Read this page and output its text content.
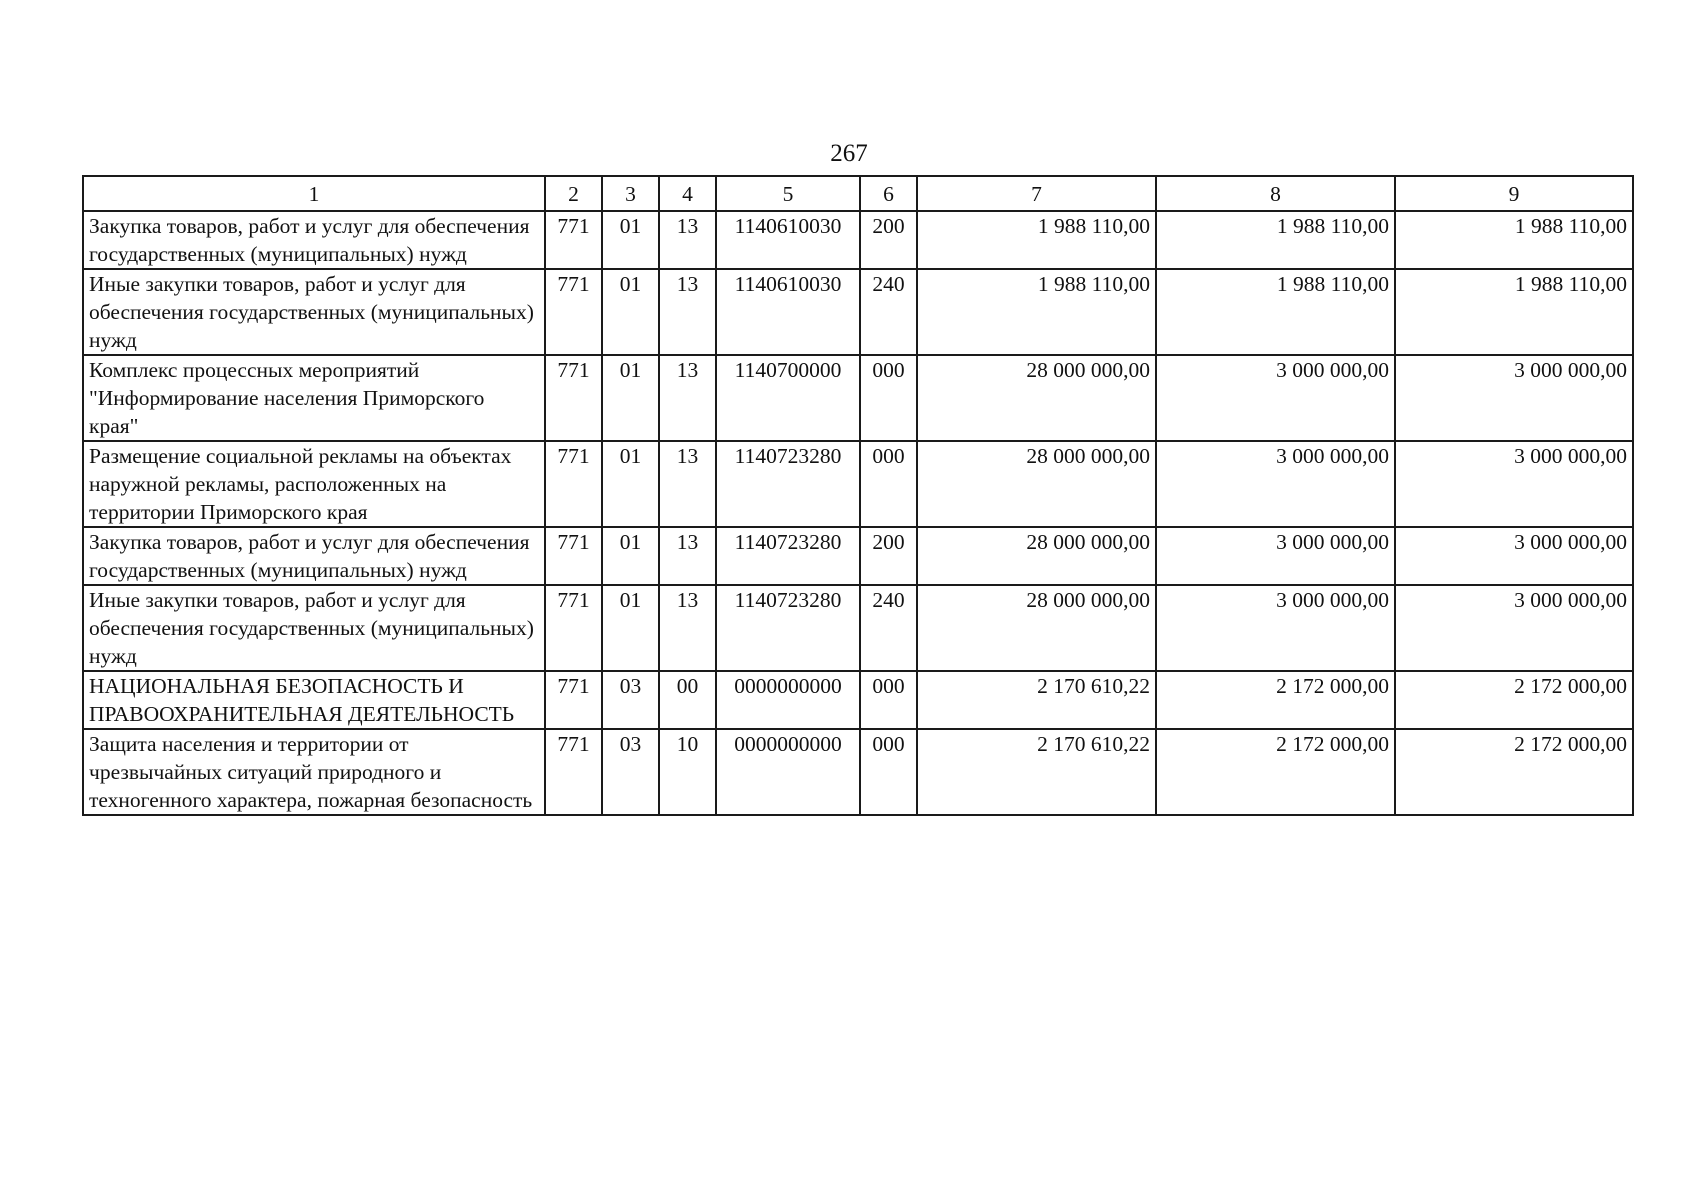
267
1	2	3	4	5	6	7	8	9
Закупка товаров, работ и услуг для обеспечения государственных (муниципальных) нужд	771	01	13	1140610030	200	1 988 110,00	1 988 110,00	1 988 110,00
Иные закупки товаров, работ и услуг для обеспечения государственных (муниципальных) нужд	771	01	13	1140610030	240	1 988 110,00	1 988 110,00	1 988 110,00
Комплекс процессных мероприятий "Информирование населения Приморского края"	771	01	13	1140700000	000	28 000 000,00	3 000 000,00	3 000 000,00
Размещение социальной рекламы на объектах наружной рекламы, расположенных на территории Приморского края	771	01	13	1140723280	000	28 000 000,00	3 000 000,00	3 000 000,00
Закупка товаров, работ и услуг для обеспечения государственных (муниципальных) нужд	771	01	13	1140723280	200	28 000 000,00	3 000 000,00	3 000 000,00
Иные закупки товаров, работ и услуг для обеспечения государственных (муниципальных) нужд	771	01	13	1140723280	240	28 000 000,00	3 000 000,00	3 000 000,00
НАЦИОНАЛЬНАЯ БЕЗОПАСНОСТЬ И ПРАВООХРАНИТЕЛЬНАЯ ДЕЯТЕЛЬНОСТЬ	771	03	00	0000000000	000	2 170 610,22	2 172 000,00	2 172 000,00
Защита населения и территории от чрезвычайных ситуаций природного и техногенного характера, пожарная безопасность	771	03	10	0000000000	000	2 170 610,22	2 172 000,00	2 172 000,00
